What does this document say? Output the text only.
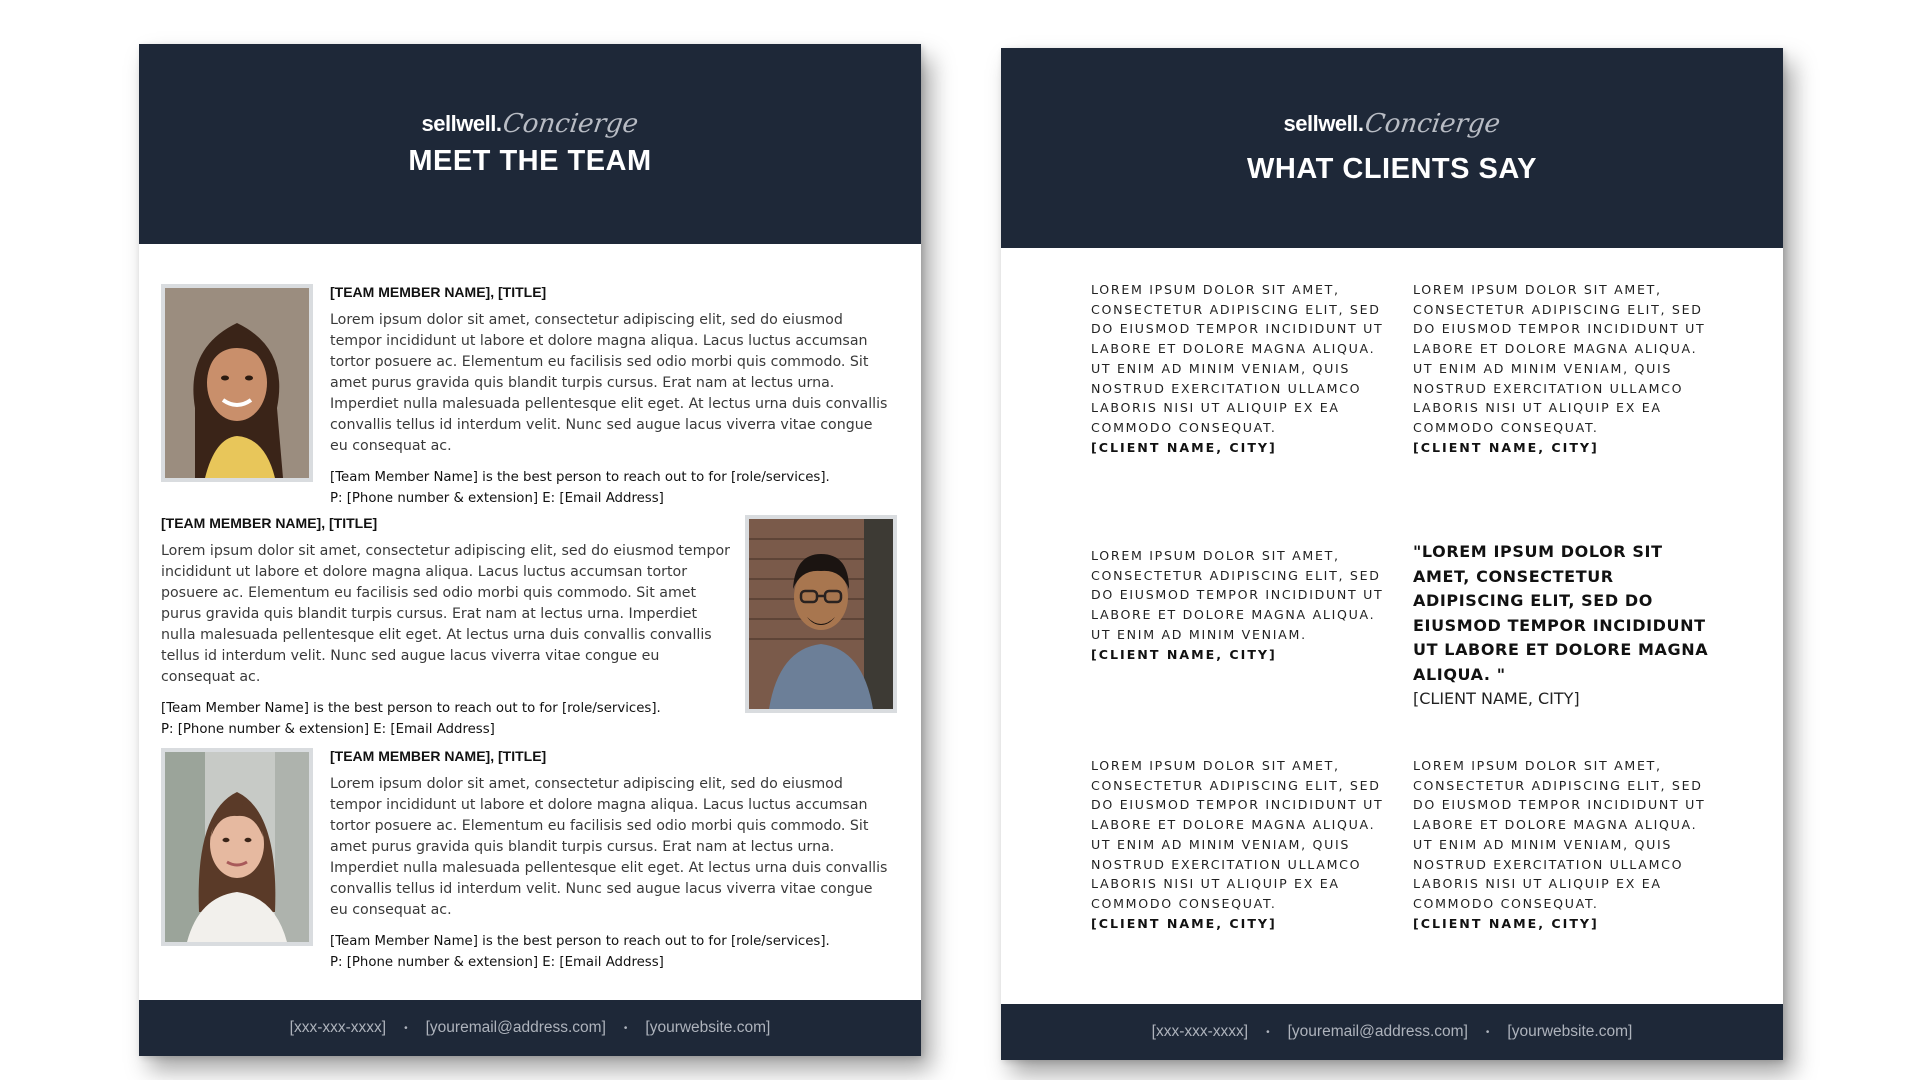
sellwell. Concierge
MEET THE TEAM
[TEAM MEMBER NAME], [TITLE]
Lorem ipsum dolor sit amet, consectetur adipiscing elit, sed do eiusmod tempor incididunt ut labore et dolore magna aliqua. Lacus luctus accumsan tortor posuere ac. Elementum eu facilisis sed odio morbi quis commodo. Sit amet purus gravida quis blandit turpis cursus. Erat nam at lectus urna. Imperdiet nulla malesuada pellentesque elit eget. At lectus urna duis convallis convallis tellus id interdum velit. Nunc sed augue lacus viverra vitae congue eu consequat ac.
[Team Member Name] is the best person to reach out to for [role/services].
P: [Phone number & extension] E: [Email Address]
[TEAM MEMBER NAME], [TITLE]
Lorem ipsum dolor sit amet, consectetur adipiscing elit, sed do eiusmod tempor incididunt ut labore et dolore magna aliqua. Lacus luctus accumsan tortor posuere ac. Elementum eu facilisis sed odio morbi quis commodo. Sit amet purus gravida quis blandit turpis cursus. Erat nam at lectus urna. Imperdiet nulla malesuada pellentesque elit eget. At lectus urna duis convallis convallis tellus id interdum velit. Nunc sed augue lacus viverra vitae congue eu consequat ac.
[Team Member Name] is the best person to reach out to for [role/services].
P: [Phone number & extension] E: [Email Address]
[TEAM MEMBER NAME], [TITLE]
Lorem ipsum dolor sit amet, consectetur adipiscing elit, sed do eiusmod tempor incididunt ut labore et dolore magna aliqua. Lacus luctus accumsan tortor posuere ac. Elementum eu facilisis sed odio morbi quis commodo. Sit amet purus gravida quis blandit turpis cursus. Erat nam at lectus urna. Imperdiet nulla malesuada pellentesque elit eget. At lectus urna duis convallis convallis tellus id interdum velit. Nunc sed augue lacus viverra vitae congue eu consequat ac.
[Team Member Name] is the best person to reach out to for [role/services].
P: [Phone number & extension] E: [Email Address]
[xxx-xxx-xxxx] • [youremail@address.com] • [yourwebsite.com]
sellwell. Concierge
WHAT CLIENTS SAY
LOREM IPSUM DOLOR SIT AMET, CONSECTETUR ADIPISCING ELIT, SED DO EIUSMOD TEMPOR INCIDIDUNT UT LABORE ET DOLORE MAGNA ALIQUA. UT ENIM AD MINIM VENIAM, QUIS NOSTRUD EXERCITATION ULLAMCO LABORIS NISI UT ALIQUIP EX EA COMMODO CONSEQUAT.
[CLIENT NAME, CITY]
LOREM IPSUM DOLOR SIT AMET, CONSECTETUR ADIPISCING ELIT, SED DO EIUSMOD TEMPOR INCIDIDUNT UT LABORE ET DOLORE MAGNA ALIQUA. UT ENIM AD MINIM VENIAM, QUIS NOSTRUD EXERCITATION ULLAMCO LABORIS NISI UT ALIQUIP EX EA COMMODO CONSEQUAT.
[CLIENT NAME, CITY]
LOREM IPSUM DOLOR SIT AMET, CONSECTETUR ADIPISCING ELIT, SED DO EIUSMOD TEMPOR INCIDIDUNT UT LABORE ET DOLORE MAGNA ALIQUA. UT ENIM AD MINIM VENIAM.
[CLIENT NAME, CITY]
"LOREM IPSUM DOLOR SIT AMET, CONSECTETUR ADIPISCING ELIT, SED DO EIUSMOD TEMPOR INCIDIDUNT UT LABORE ET DOLORE MAGNA ALIQUA. "
[CLIENT NAME, CITY]
LOREM IPSUM DOLOR SIT AMET, CONSECTETUR ADIPISCING ELIT, SED DO EIUSMOD TEMPOR INCIDIDUNT UT LABORE ET DOLORE MAGNA ALIQUA. UT ENIM AD MINIM VENIAM, QUIS NOSTRUD EXERCITATION ULLAMCO LABORIS NISI UT ALIQUIP EX EA COMMODO CONSEQUAT.
[CLIENT NAME, CITY]
LOREM IPSUM DOLOR SIT AMET, CONSECTETUR ADIPISCING ELIT, SED DO EIUSMOD TEMPOR INCIDIDUNT UT LABORE ET DOLORE MAGNA ALIQUA. UT ENIM AD MINIM VENIAM, QUIS NOSTRUD EXERCITATION ULLAMCO LABORIS NISI UT ALIQUIP EX EA COMMODO CONSEQUAT.
[CLIENT NAME, CITY]
[xxx-xxx-xxxx] • [youremail@address.com] • [yourwebsite.com]
